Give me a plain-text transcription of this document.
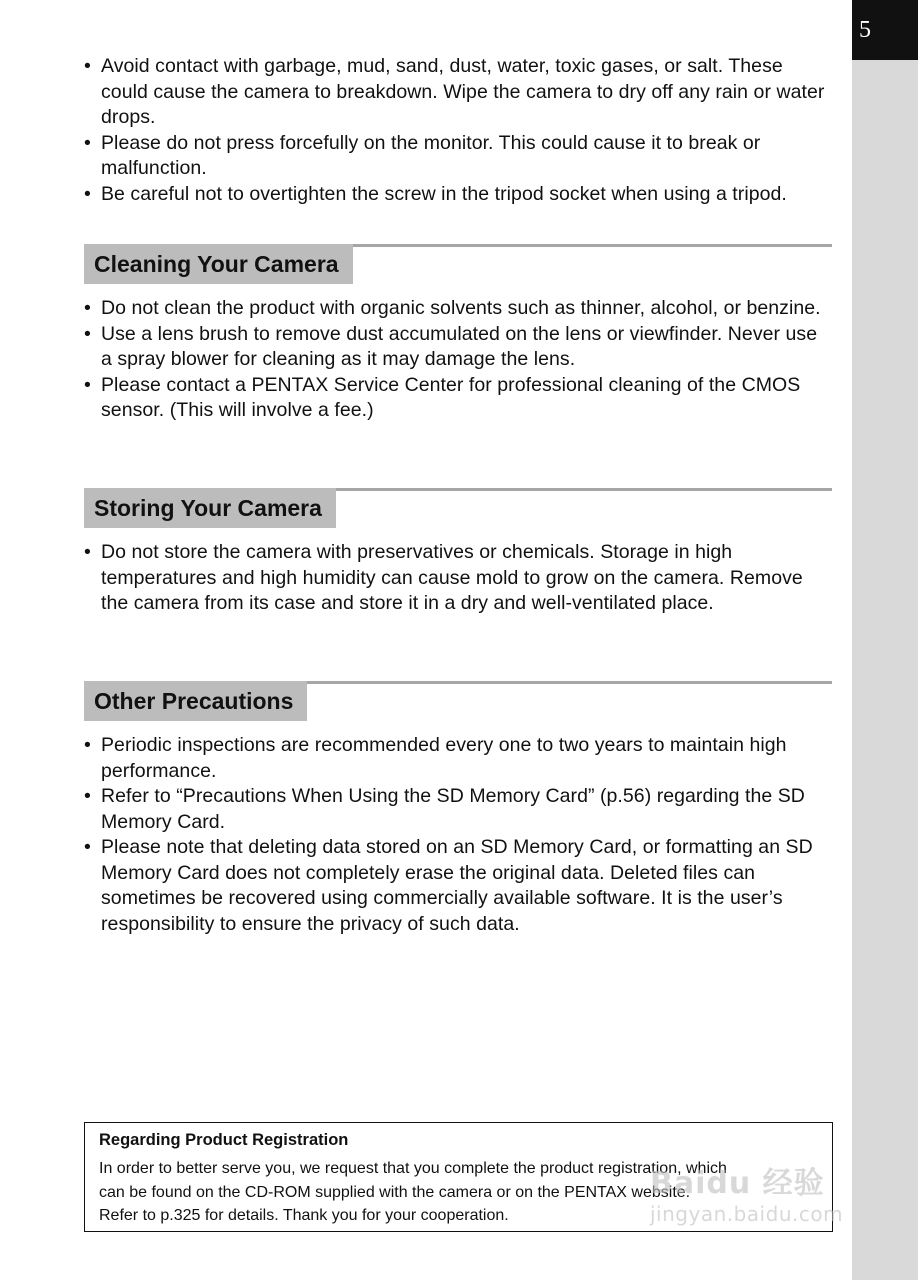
5
• Avoid contact with garbage, mud, sand, dust, water, toxic gases, or salt. These could cause the camera to breakdown. Wipe the camera to dry off any rain or water drops.
• Please do not press forcefully on the monitor. This could cause it to break or malfunction.
• Be careful not to overtighten the screw in the tripod socket when using a tripod.
Cleaning Your Camera
• Do not clean the product with organic solvents such as thinner, alcohol, or benzine.
• Use a lens brush to remove dust accumulated on the lens or viewfinder. Never use a spray blower for cleaning as it may damage the lens.
• Please contact a PENTAX Service Center for professional cleaning of the CMOS sensor. (This will involve a fee.)
Storing Your Camera
• Do not store the camera with preservatives or chemicals. Storage in high temperatures and high humidity can cause mold to grow on the camera. Remove the camera from its case and store it in a dry and well-ventilated place.
Other Precautions
• Periodic inspections are recommended every one to two years to maintain high performance.
• Refer to “Precautions When Using the SD Memory Card” (p.56) regarding the SD Memory Card.
• Please note that deleting data stored on an SD Memory Card, or formatting an SD Memory Card does not completely erase the original data. Deleted files can sometimes be recovered using commercially available software. It is the user’s responsibility to ensure the privacy of such data.
Regarding Product Registration
In order to better serve you, we request that you complete the product registration, which
can be found on the CD-ROM supplied with the camera or on the PENTAX website.
Refer to p.325 for details. Thank you for your cooperation.
Baidu 经验
jingyan.baidu.com
